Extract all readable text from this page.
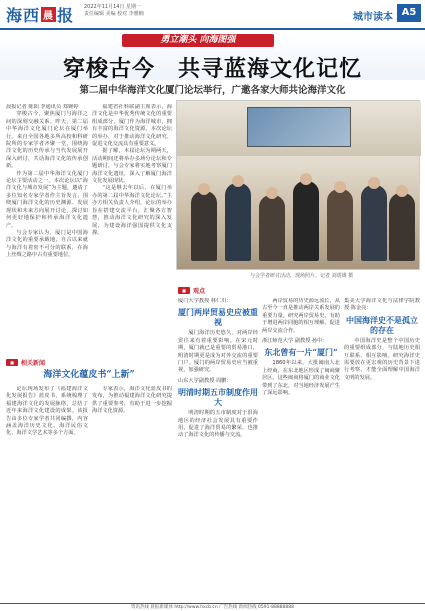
海西 晨 报 2022年11月14日 星期一
责任编辑 美编 校对 李雅楠	城市读本 A5
勇立潮头 向海图强
穿梭古今　共寻蓝海文化记忆
第二届中华海洋文化厦门论坛举行，广邀各家大师共论海洋文化
晨报记者 陈阳 李通讯员 郑婉婷

穿梭古今，聚焦厦门与海洋之间的深刻交融关系。昨天，第二届中华海洋文化厦门论坛在厦门举行。来自全国各地多所高校和科研院所的专家学者齐聚一堂，围绕海洋文化的历史传承与当代发展展开深入研讨，共话海洋文化的传承创新。

作为第二届中华海洋文化厦门论坛主要活动之一，本次论坛以“海洋文化与城市发展”为主题，邀请了多位知名专家学者作主旨发言，围绕厦门海洋文化的历史渊源、发展现状和未来方向展开讨论，探讨如何更好地保护和传承海洋文化遗产。

与会专家认为，厦门是中国海洋文化的重要承载地，自古以来就与海洋有着密不可分的联系，在海上丝绸之路中占有重要地位。

福建省社科联副主席表示，海洋文化是中华优秀传统文化的重要组成部分，厦门作为海洋城市，拥有丰富的海洋文化资源。本次论坛的举办，对于推动海洋文化研究、促进文化交流具有重要意义。

据了解，本届论坛为期两天，活动期间还将举办多场分论坛和专题研讨，与会专家将实地考察厦门海洋文化遗址，深入了解厦门海洋文化发展现状。

“这是继去年以后，在厦门举办的第二届中华海洋文化论坛。”主办方相关负责人介绍，论坛的举办旨在搭建交流平台，汇聚各方智慧，推动海洋文化研究的深入发展，为建设海洋强国提供文化支撑。

与会学者研讨活动，现场照片。记者 刘震雄 摄
■ 相关新闻
海洋文化蕴皮书“上新”

论坛现场发布了《福建海洋文化发展报告》蓝皮书，系统梳理了福建海洋文化的发展脉络，总结了近年来海洋文化建设的成果。该报告由多位专家学者共同编撰，内容涵盖海洋历史文化、海洋民俗文化、海洋文学艺术等多个方面。

专家表示，海洋文化蓝皮书的发布，为推动福建海洋文化研究提供了重要参考，有助于进一步挖掘海洋文化资源。

■ 观点
厦门大学教授 林仁川：
厦门两岸贸易史应被重视

厦门海洋历史悠久，对两岸经贸往来有着重要影响。在宋元时期，厦门就已是重要的贸易港口，明清时期更是成为对外交流的重要门户。厦门的两岸贸易史应当被重视，加强研究。

山东大学副教授 周鹏：
明清时期五市制度作用大

明清时期的五市制度对于沿海地区的经济社会发展具有重要作用，促进了海洋贸易的繁荣，也推动了海洋文化的传播与交流。

两岸贸易的历史源远流长，从古至今一直是推动两岸关系发展的重要力量。研究两岸贸易史，有助于增进两岸同胞的相互理解，促进两岸交流合作。

浙江师范大学 副教授 孙中：
东北曾有一片“厦门”

1860年以来，大批闽南人北上经商，在东北地区形成了闽商聚居区。这些闽商将厦门的商业文化带到了东北，对当地经济发展产生了深远影响。

集美大学海洋文化与法律学院教授 陈金亮：
中国海洋史不是孤立的存在

中国海洋史是整个中国历史的重要组成部分，与陆地历史相互联系、相互影响。研究海洋史需要放在更宏观的历史背景下进行考察，才能全面理解中国海洋文明的发展。

资讯热线 晨报新媒体 http://www.hxcb.cn 广告热线 新闻热线 0591-88888888
